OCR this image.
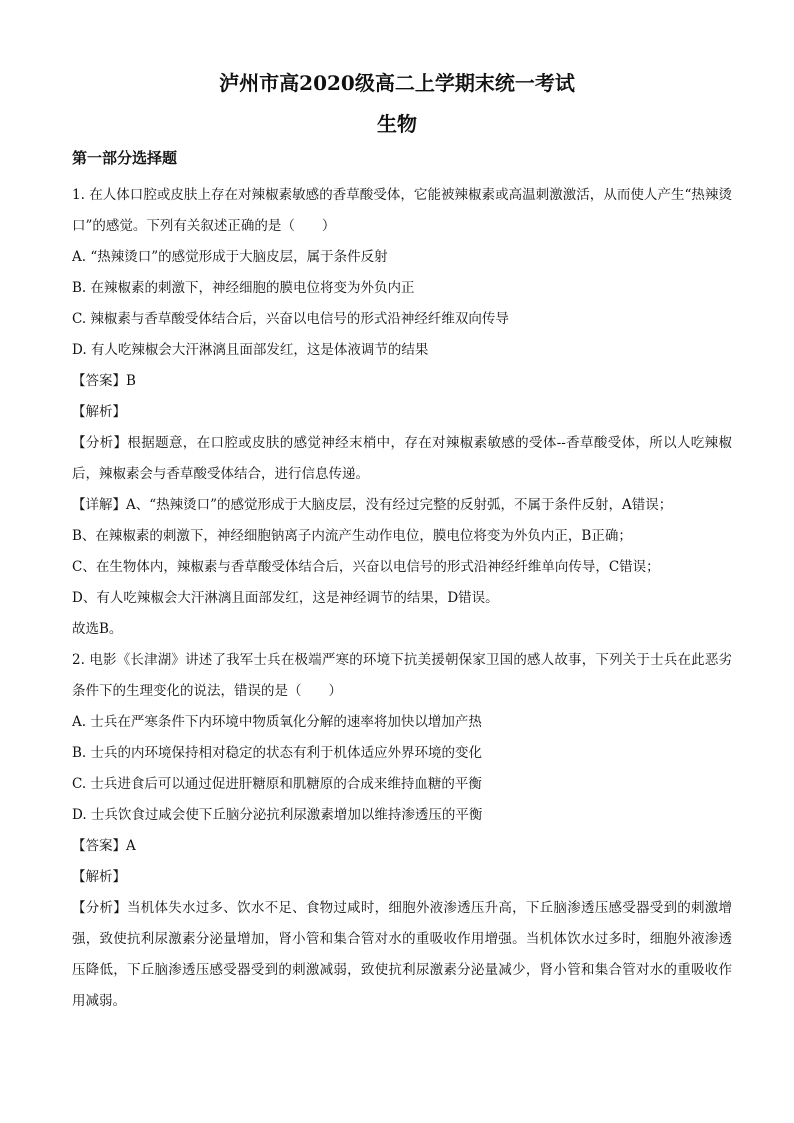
泸州市高2020级高二上学期末统一考试
生物
第一部分选择题

1. 在人体口腔或皮肤上存在对辣椒素敏感的香草酸受体，它能被辣椒素或高温刺激激活，从而使人产生“热辣烫口”的感觉。下列有关叙述正确的是（　　）

A. “热辣烫口”的感觉形成于大脑皮层，属于条件反射

B. 在辣椒素的刺激下，神经细胞的膜电位将变为外负内正

C. 辣椒素与香草酸受体结合后，兴奋以电信号的形式沿神经纤维双向传导

D. 有人吃辣椒会大汗淋漓且面部发红，这是体液调节的结果

【答案】B

【解析】

【分析】根据题意，在口腔或皮肤的感觉神经末梢中，存在对辣椒素敏感的受体--香草酸受体，所以人吃辣椒后，辣椒素会与香草酸受体结合，进行信息传递。

【详解】A、“热辣烫口”的感觉形成于大脑皮层，没有经过完整的反射弧，不属于条件反射，A错误；

B、在辣椒素的刺激下，神经细胞钠离子内流产生动作电位，膜电位将变为外负内正，B正确；

C、在生物体内，辣椒素与香草酸受体结合后，兴奋以电信号的形式沿神经纤维单向传导，C错误；

D、有人吃辣椒会大汗淋漓且面部发红，这是神经调节的结果，D错误。

故选B。

2. 电影《长津湖》讲述了我军士兵在极端严寒的环境下抗美援朝保家卫国的感人故事，下列关于士兵在此恶劣条件下的生理变化的说法，错误的是（　　）

A. 士兵在严寒条件下内环境中物质氧化分解的速率将加快以增加产热

B. 士兵的内环境保持相对稳定的状态有利于机体适应外界环境的变化

C. 士兵进食后可以通过促进肝糖原和肌糖原的合成来维持血糖的平衡

D. 士兵饮食过咸会使下丘脑分泌抗利尿激素增加以维持渗透压的平衡

【答案】A

【解析】

【分析】当机体失水过多、饮水不足、食物过咸时，细胞外液渗透压升高，下丘脑渗透压感受器受到的刺激增强，致使抗利尿激素分泌量增加，肾小管和集合管对水的重吸收作用增强。当机体饮水过多时，细胞外液渗透压降低，下丘脑渗透压感受器受到的刺激减弱，致使抗利尿激素分泌量减少，肾小管和集合管对水的重吸收作用减弱。
